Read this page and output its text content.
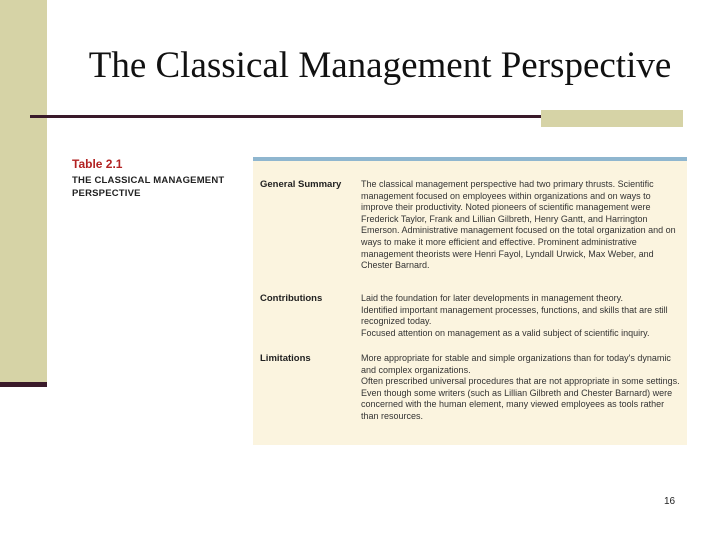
The Classical Management Perspective
Table 2.1
THE CLASSICAL MANAGEMENT PERSPECTIVE
General Summary The classical management perspective had two primary thrusts. Scientific management focused on employees within organizations and on ways to improve their productivity. Noted pioneers of scientific management were Frederick Taylor, Frank and Lillian Gilbreth, Henry Gantt, and Harrington Emerson. Administrative management focused on the total organization and on ways to make it more efficient and effective. Prominent administrative management theorists were Henri Fayol, Lyndall Urwick, Max Weber, and Chester Barnard.

Contributions	Laid the foundation for later developments in management theory.

Identified important management processes, functions, and skills that are still recognized today.

Focused attention on management as a valid subject of scientific inquiry.

Limitations	More appropriate for stable and simple organizations than for today's dynamic and complex organizations.

Often prescribed universal procedures that are not appropriate in some settings.

Even though some writers (such as Lillian Gilbreth and Chester Barnard) were concerned with the human element, many viewed employees as tools rather than resources.

16
